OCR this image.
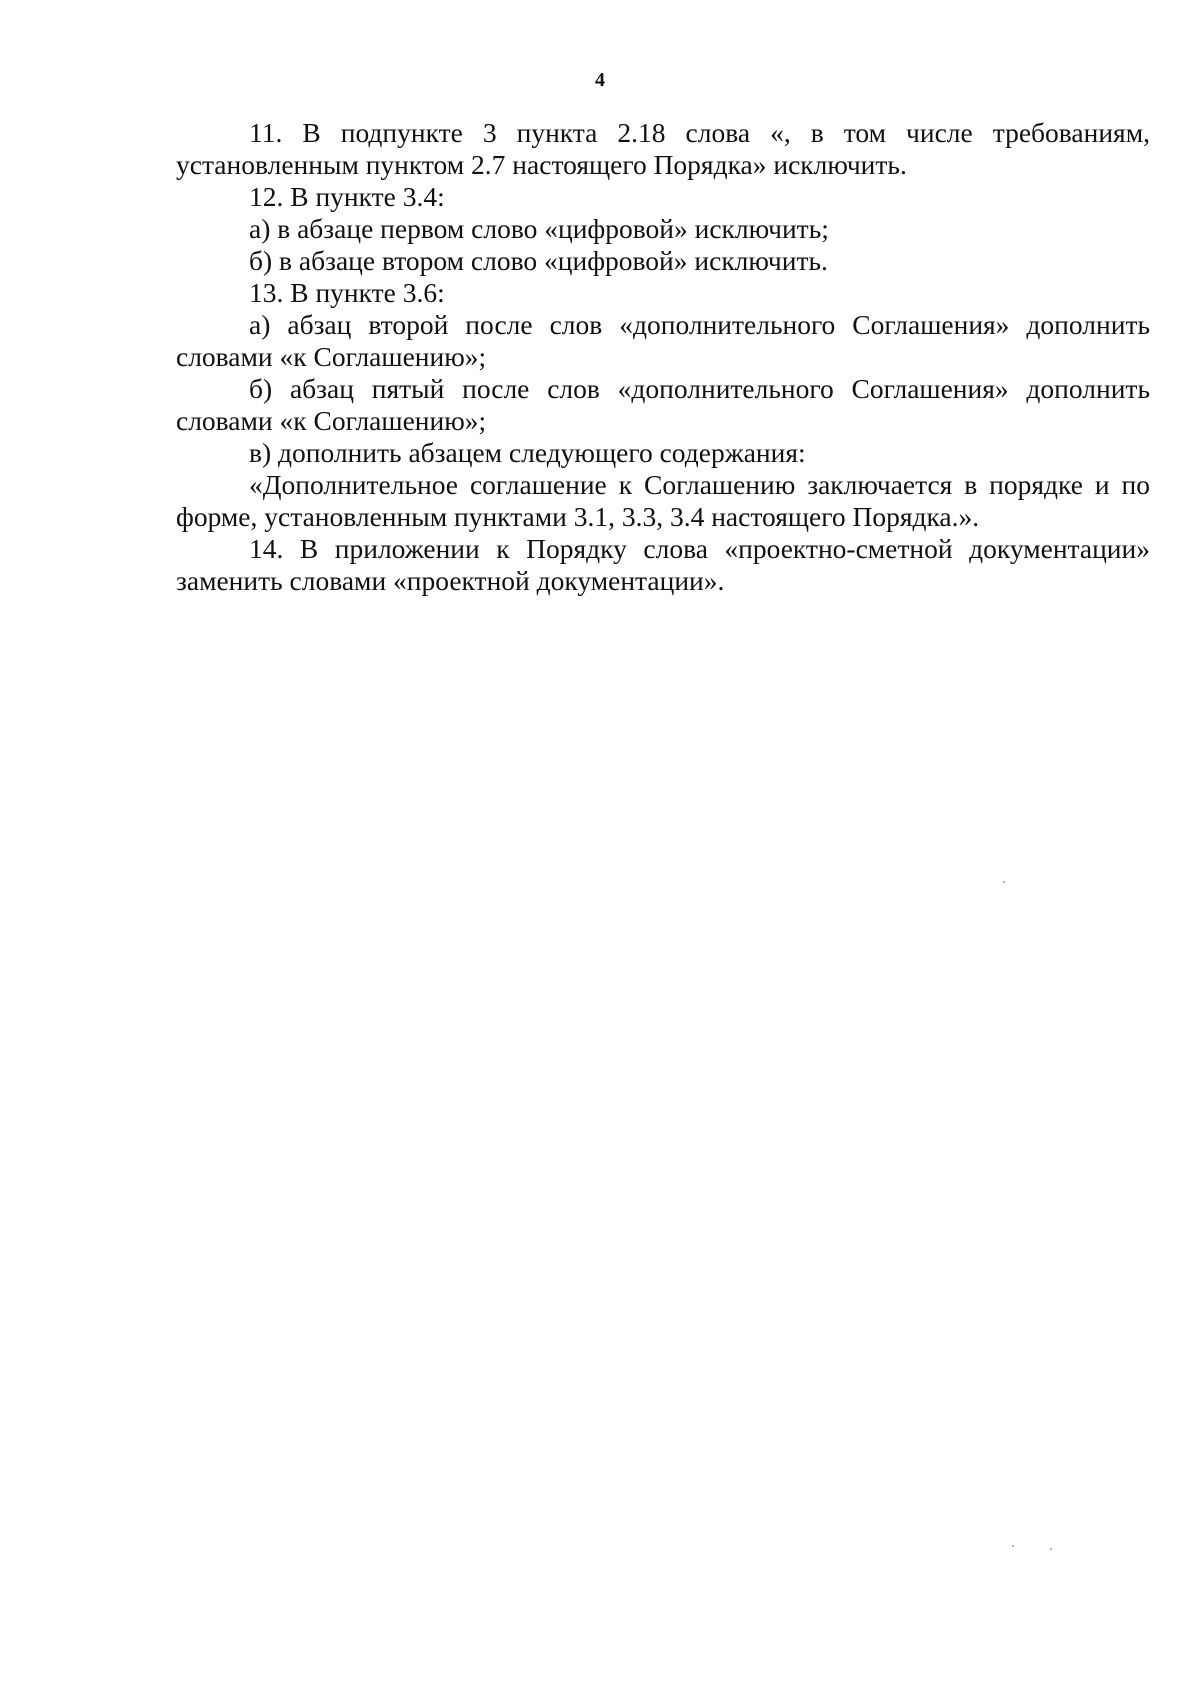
4

11. В подпункте 3 пункта 2.18 слова «, в том числе требованиям, установленным пунктом 2.7 настоящего Порядка» исключить.

12. В пункте 3.4:

а) в абзаце первом слово «цифровой» исключить;

б) в абзаце втором слово «цифровой» исключить.

13. В пункте 3.6:

а) абзац второй после слов «дополнительного Соглашения» дополнить словами «к Соглашению»;

б) абзац пятый после слов «дополнительного Соглашения» дополнить словами «к Соглашению»;

в) дополнить абзацем следующего содержания:

«Дополнительное соглашение к Соглашению заключается в порядке и по форме, установленным пунктами 3.1, 3.3, 3.4 настоящего Порядка.».

14. В приложении к Порядку слова «проектно-сметной документации» заменить словами «проектной документации».
